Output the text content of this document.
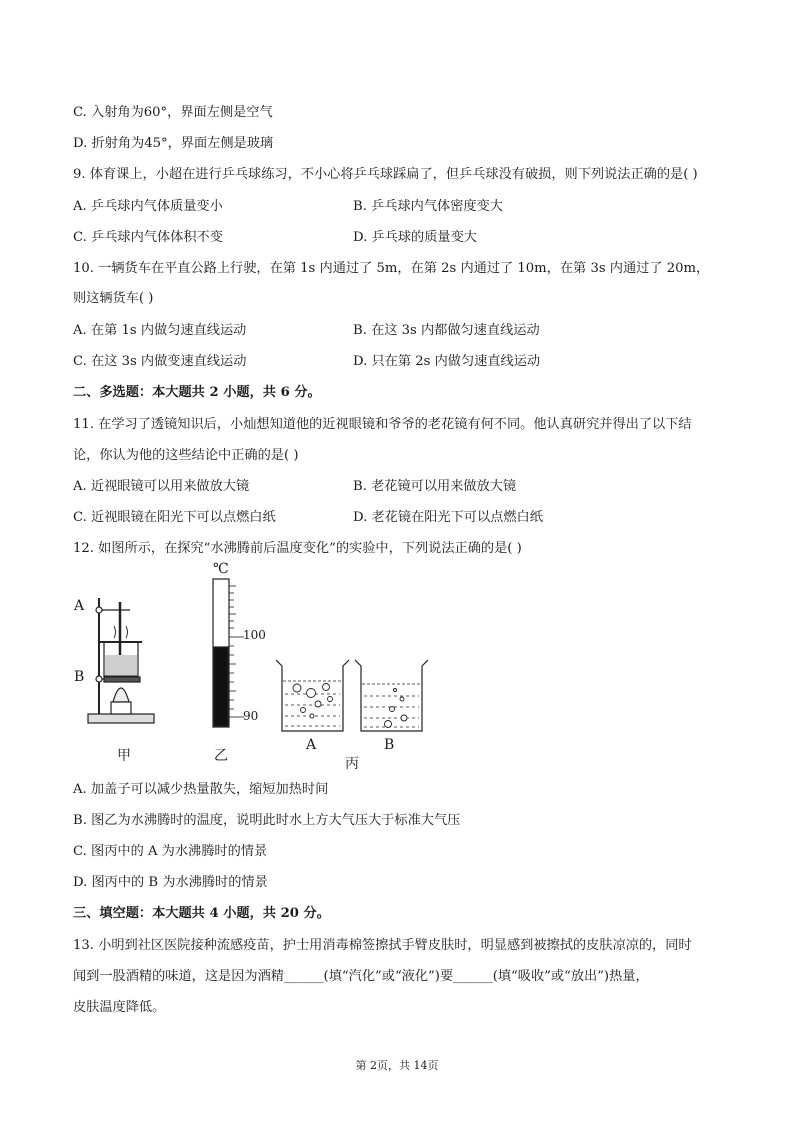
C. 入射角为60°，界面左侧是空气
D. 折射角为45°，界面左侧是玻璃
9. 体育课上，小超在进行乒乓球练习，不小心将乒乓球踩扁了，但乒乓球没有破损，则下列说法正确的是( )
A. 乒乓球内气体质量变小	B. 乒乓球内气体密度变大
C. 乒乓球内气体体积不变	D. 乒乓球的质量变大
10. 一辆货车在平直公路上行驶，在第 1s 内通过了 5m，在第 2s 内通过了 10m，在第 3s 内通过了 20m，
则这辆货车( )
A. 在第 1s 内做匀速直线运动	B. 在这 3s 内都做匀速直线运动
C. 在这 3s 内做变速直线运动	D. 只在第 2s 内做匀速直线运动
二、多选题：本大题共 2 小题，共 6 分。
11. 在学习了透镜知识后，小灿想知道他的近视眼镜和爷爷的老花镜有何不同。他认真研究并得出了以下结
论，你认为他的这些结论中正确的是( )
A. 近视眼镜可以用来做放大镜	B. 老花镜可以用来做放大镜
C. 近视眼镜在阳光下可以点燃白纸	D. 老花镜在阳光下可以点燃白纸
12. 如图所示，在探究“水沸腾前后温度变化”的实验中，下列说法正确的是( )
A
B
℃
100
90
甲	乙
A	B
丙
A. 加盖子可以减少热量散失，缩短加热时间
B. 图乙为水沸腾时的温度，说明此时水上方大气压大于标准大气压
C. 图丙中的 A 为水沸腾时的情景
D. 图丙中的 B 为水沸腾时的情景
三、填空题：本大题共 4 小题，共 20 分。
13. 小明到社区医院接种流感疫苗，护士用消毒棉签擦拭手臂皮肤时，明显感到被擦拭的皮肤凉凉的，同时
闻到一股酒精的味道，这是因为酒精______(填“汽化”或“液化”)要______(填“吸收”或“放出”)热量，
皮肤温度降低。
第 2页，共 14页
